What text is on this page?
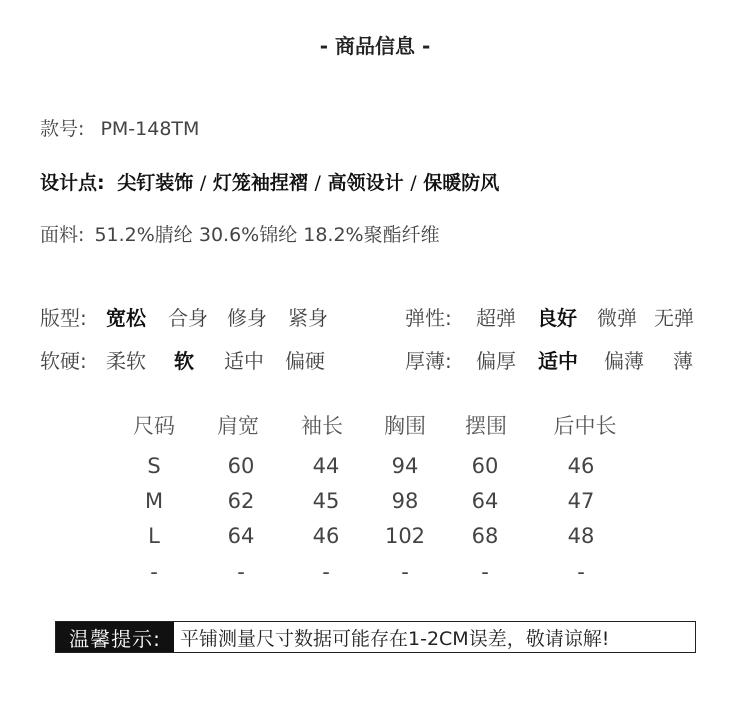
- 商品信息 -
款号: PM-148TM
设计点: 尖钉装饰 / 灯笼袖捏褶 / 高领设计 / 保暖防风
面料: 51.2%腈纶 30.6%锦纶 18.2%聚酯纤维
版型: 宽松 合身 修身 紧身	弹性: 超弹 良好 微弹 无弹
软硬: 柔软 软 适中 偏硬	厚薄: 偏厚 适中 偏薄 薄
尺码	肩宽	袖长	胸围	摆围	后中长
S	60	44	94	60	46
M	62	45	98	64	47
L	64	46	102	68	48
-	-	-	-	-	-
温馨提示:	平铺测量尺寸数据可能存在1-2CM误差，敬请谅解!
